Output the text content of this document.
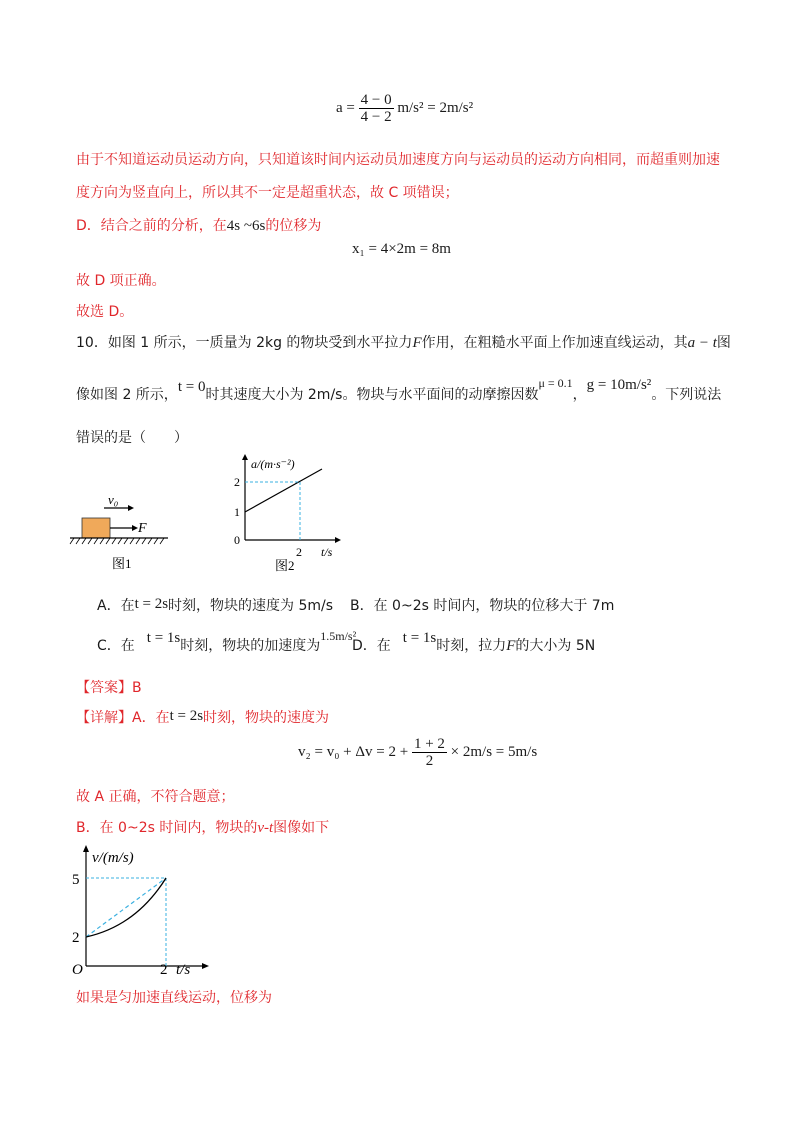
$a = \frac{4 - 0}{4 - 2} m/s^2 = 2m/s^2$
由于不知道运动员运动方向，只知道该时间内运动员加速度方向与运动员的运动方向相同，而超重则加速
度方向为竖直向上，所以其不一定是超重状态，故 C 项错误；
D．结合之前的分析，在4s ~6s的位移为
x₁ = 4×2m = 8m
故 D 项正确。
故选 D。
10．如图 1 所示，一质量为 2kg 的物块受到水平拉力F作用，在粗糙水平面上作加速直线运动，其a − t图
像如图 2 所示，t = 0时其速度大小为 2m/s。物块与水平面间的动摩擦因数μ = 0.1，g = 10m/s²。下列说法
错误的是（　　）
v₀
F
图1
a/(m·s⁻²)
2
1
0
2 t/s
图2
A．在t = 2s时刻，物块的速度为 5m/s B．在 0~2s 时间内，物块的位移大于 7m
C．在 t = 1s时刻，物块的加速度为1.5m/s²
D．在 t = 1s时刻，拉力F的大小为 5N
【答案】B
【详解】A．在t = 2s时刻，物块的速度为
$v_2 = v_0 + \Delta v = 2 + \frac{1 + 2}{2} \times 2m/s = 5m/s$
故 A 正确，不符合题意；
B．在 0~2s 时间内，物块的v-t图像如下
v/(m/s)
5
2
O	2 t/s
如果是匀加速直线运动，位移为
